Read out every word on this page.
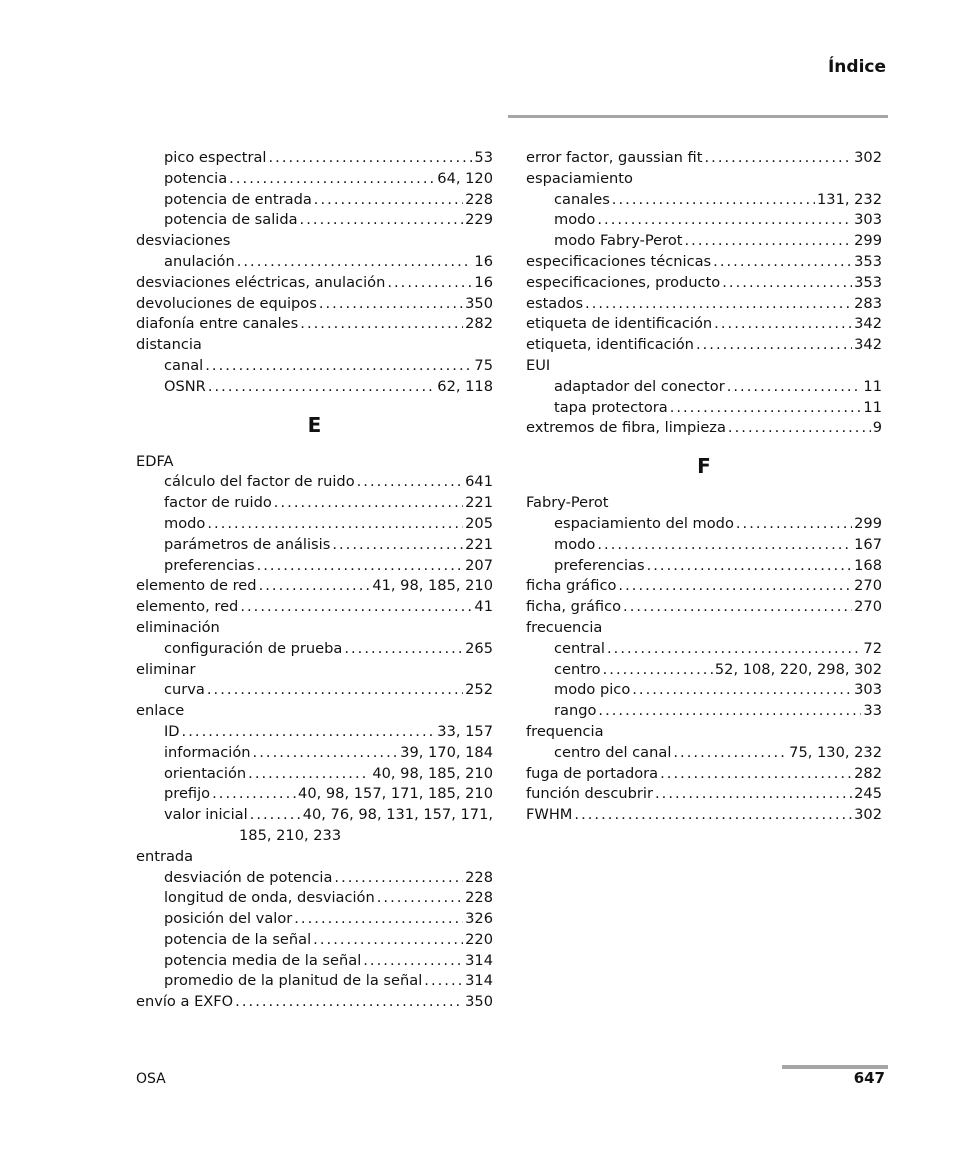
Índice
pico espectral . . .	53
potencia . . .	64, 120
potencia de entrada . . .	228
potencia de salida . . .	229
desviaciones
anulación . . .	16
desviaciones eléctricas, anulación . . .	16
devoluciones de equipos . . .	350
diafonía entre canales . . .	282
distancia
canal . . .	75
OSNR . . .	62, 118
E
EDFA
cálculo del factor de ruido . . .	641
factor de ruido . . .	221
modo . . .	205
parámetros de análisis . . .	221
preferencias . . .	207
elemento de red . . .	41, 98, 185, 210
elemento, red . . .	41
eliminación
configuración de prueba . . .	265
eliminar
curva . . .	252
enlace
ID . . .	33, 157
información . . .	39, 170, 184
orientación . . .	40, 98, 185, 210
prefijo . . .	40, 98, 157, 171, 185, 210
valor inicial . . .	40, 76, 98, 131, 157, 171,
185, 210, 233
entrada
desviación de potencia . . .	228
longitud de onda, desviación . . .	228
posición del valor . . .	326
potencia de la señal . . .	220
potencia media de la señal . . .	314
promedio de la planitud de la señal . . .	314
envío a EXFO . . .	350
error factor, gaussian fit . . .	302
espaciamiento
canales . . .	131, 232
modo . . .	303
modo Fabry-Perot . . .	299
especificaciones técnicas . . .	353
especificaciones, producto . . .	353
estados . . .	283
etiqueta de identificación . . .	342
etiqueta, identificación . . .	342
EUI
adaptador del conector . . .	11
tapa protectora . . .	11
extremos de fibra, limpieza . . .	9
F
Fabry-Perot
espaciamiento del modo . . .	299
modo . . .	167
preferencias . . .	168
ficha gráfico . . .	270
ficha, gráfico . . .	270
frecuencia
central . . .	72
centro . . .	52, 108, 220, 298, 302
modo pico . . .	303
rango . . .	33
frequencia
centro del canal . . .	75, 130, 232
fuga de portadora . . .	282
función descubrir . . .	245
FWHM . . .	302
OSA	647
